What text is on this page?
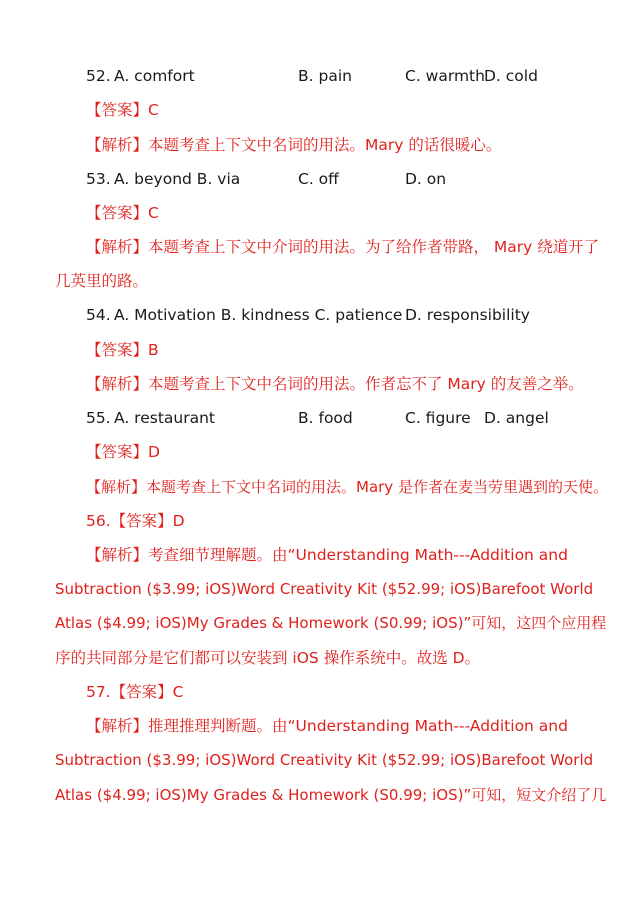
52. A. comfort	B. pain	C. warmth D. cold
【答案】C
【解析】本题考查上下文中名词的用法。Mary 的话很暖心。
53. A. beyond B. via	C. off	D. on
【答案】C
【解析】本题考查上下文中介词的用法。为了给作者带路， Mary 绕道开了
几英里的路。
54. A. Motivation B. kindness C. patience D. responsibility
【答案】B
【解析】本题考查上下文中名词的用法。作者忘不了 Mary 的友善之举。
55. A. restaurant	B. food	C. figure D. angel
【答案】D
【解析】本题考查上下文中名词的用法。Mary 是作者在麦当劳里遇到的天使。
56.【答案】D
【解析】考查细节理解题。由“Understanding Math---Addition and
Subtraction ($3.99; iOS)Word Creativity Kit ($52.99; iOS)Barefoot World
Atlas ($4.99; iOS)My Grades & Homework (S0.99; iOS)”可知，这四个应用程
序的共同部分是它们都可以安装到 iOS 操作系统中。故选 D。
57.【答案】C
【解析】推理推理判断题。由“Understanding Math---Addition and
Subtraction ($3.99; iOS)Word Creativity Kit ($52.99; iOS)Barefoot World
Atlas ($4.99; iOS)My Grades & Homework (S0.99; iOS)”可知，短文介绍了几
